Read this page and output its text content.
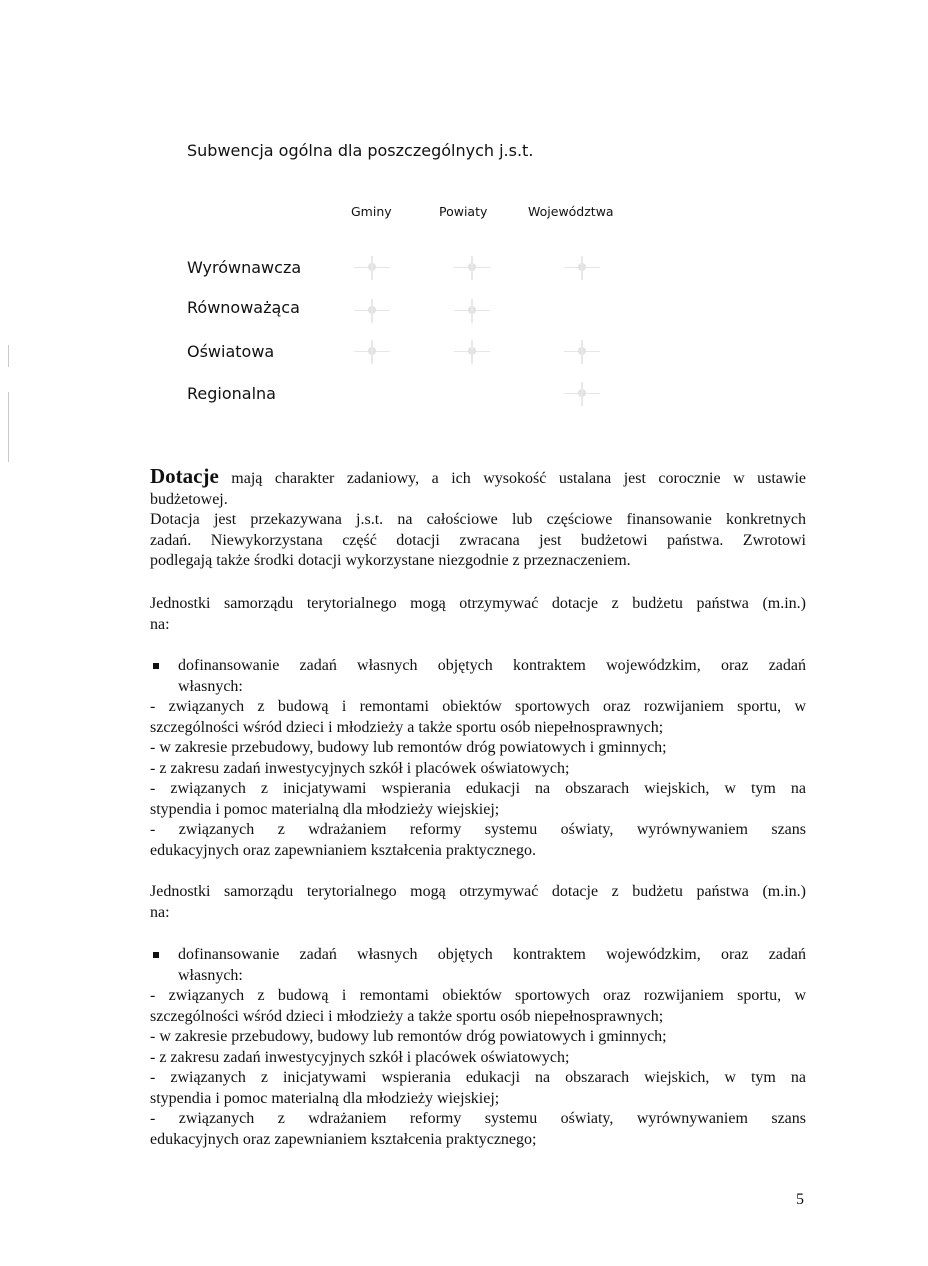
Subwencja ogólna dla poszczególnych j.s.t.
Gminy	Powiaty	Województwa
Wyrównawcza
Równoważąca
Oświatowa
Regionalna
Dotacje mają charakter zadaniowy, a ich wysokość ustalana jest corocznie w ustawie
budżetowej.
Dotacja jest przekazywana j.s.t. na całościowe lub częściowe finansowanie konkretnych
zadań. Niewykorzystana część dotacji zwracana jest budżetowi państwa. Zwrotowi
podlegają także środki dotacji wykorzystane niezgodnie z przeznaczeniem.
Jednostki samorządu terytorialnego mogą otrzymywać dotacje z budżetu państwa (m.in.)
na:
dofinansowanie zadań własnych objętych kontraktem wojewódzkim, oraz zadań
własnych:
- związanych z budową i remontami obiektów sportowych oraz rozwijaniem sportu, w
szczególności wśród dzieci i młodzieży a także sportu osób niepełnosprawnych;
- w zakresie przebudowy, budowy lub remontów dróg powiatowych i gminnych;
- z zakresu zadań inwestycyjnych szkół i placówek oświatowych;
- związanych z inicjatywami wspierania edukacji na obszarach wiejskich, w tym na
stypendia i pomoc materialną dla młodzieży wiejskiej;
- związanych z wdrażaniem reformy systemu oświaty, wyrównywaniem szans
edukacyjnych oraz zapewnianiem kształcenia praktycznego.
Jednostki samorządu terytorialnego mogą otrzymywać dotacje z budżetu państwa (m.in.)
na:
dofinansowanie zadań własnych objętych kontraktem wojewódzkim, oraz zadań
własnych:
- związanych z budową i remontami obiektów sportowych oraz rozwijaniem sportu, w
szczególności wśród dzieci i młodzieży a także sportu osób niepełnosprawnych;
- w zakresie przebudowy, budowy lub remontów dróg powiatowych i gminnych;
- z zakresu zadań inwestycyjnych szkół i placówek oświatowych;
- związanych z inicjatywami wspierania edukacji na obszarach wiejskich, w tym na
stypendia i pomoc materialną dla młodzieży wiejskiej;
- związanych z wdrażaniem reformy systemu oświaty, wyrównywaniem szans
edukacyjnych oraz zapewnianiem kształcenia praktycznego;
5
